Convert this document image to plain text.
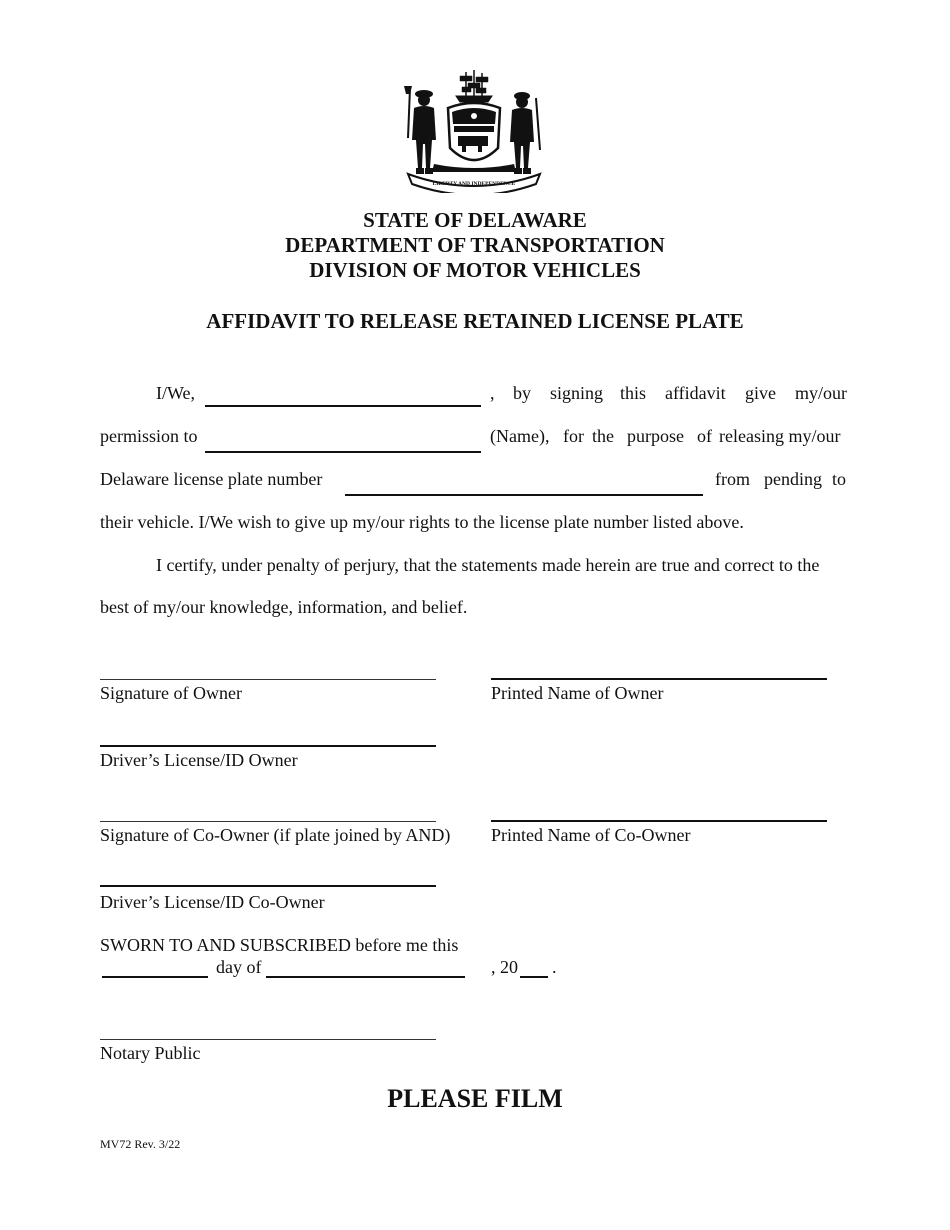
LIBERTY AND INDEPENDENCE
STATE OF DELAWARE
DEPARTMENT OF TRANSPORTATION
DIVISION OF MOTOR VEHICLES
AFFIDAVIT TO RELEASE RETAINED LICENSE PLATE
I/We,	, by signing this affidavit give my/our
permission to	(Name), for the purpose of releasing my/our
Delaware license plate number	from pending to
their vehicle. I/We wish to give up my/our rights to the license plate number listed above.
I certify, under penalty of perjury, that the statements made herein are true and correct to the
best of my/our knowledge, information, and belief.
Signature of Owner	Printed Name of Owner
Driver’s License/ID Owner
Signature of Co-Owner (if plate joined by AND) Printed Name of Co-Owner
Driver’s License/ID Co-Owner
SWORN TO AND SUBSCRIBED before me this
day of	, 20 .
Notary Public
PLEASE FILM
MV72 Rev. 3/22
